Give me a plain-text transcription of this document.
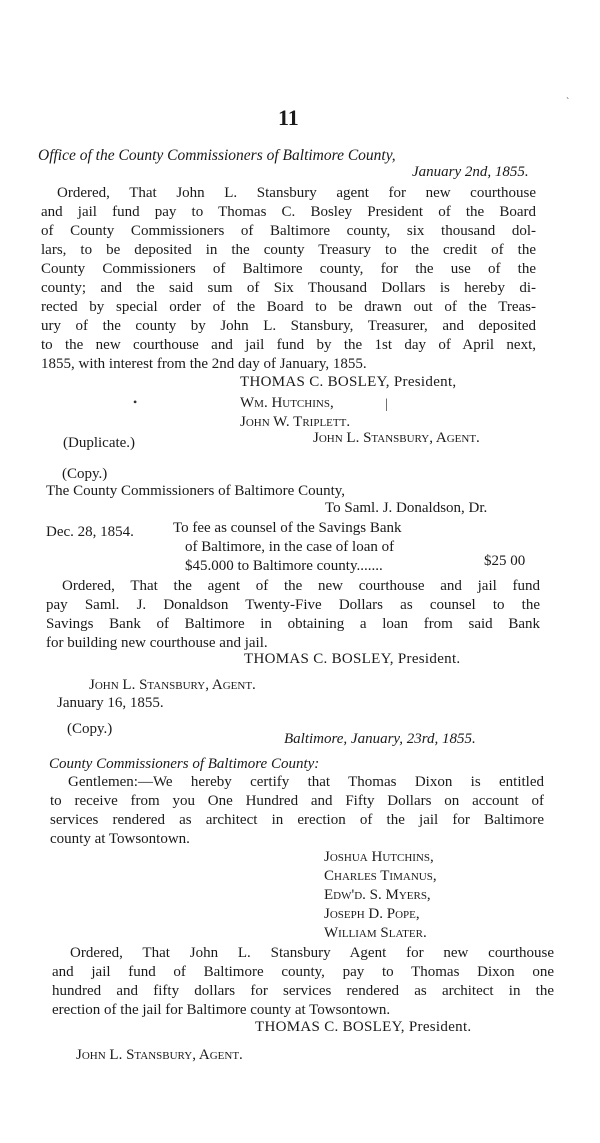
11
Office of the County Commissioners of Baltimore County,
January 2nd, 1855.
Ordered, That John L. Stansbury agent for new courthouse
and jail fund pay to Thomas C. Bosley President of the Board
of County Commissioners of Baltimore county, six thousand dol-
lars, to be deposited in the county Treasury to the credit of the
County Commissioners of Baltimore county, for the use of the
county; and the said sum of Six Thousand Dollars is hereby di-
rected by special order of the Board to be drawn out of the Treas-
ury of the county by John L. Stansbury, Treasurer, and deposited
to the new courthouse and jail fund by the 1st day of April next,
1855, with interest from the 2nd day of January, 1855.
THOMAS C. BOSLEY, President,
•	Wm. Hutchins,
John W. Triplett.
(Duplicate.)	John L. Stansbury, Agent.
(Copy.)
The County Commissioners of Baltimore County,
To Saml. J. Donaldson, Dr.
Dec. 28, 1854.	To fee as counsel of the Savings Bank
of Baltimore, in the case of loan of
$45.000 to Baltimore county.......	$25 00
Ordered, That the agent of the new courthouse and jail fund
pay Saml. J. Donaldson Twenty-Five Dollars as counsel to the
Savings Bank of Baltimore in obtaining a loan from said Bank
for building new courthouse and jail.
THOMAS C. BOSLEY, President.
John L. Stansbury, Agent.
January 16, 1855.
(Copy.)
Baltimore, January, 23rd, 1855.
County Commissioners of Baltimore County:
Gentlemen:—We hereby certify that Thomas Dixon is entitled
to receive from you One Hundred and Fifty Dollars on account of
services rendered as architect in erection of the jail for Baltimore
county at Towsontown.
Joshua Hutchins,
Charles Timanus,
Edw'd. S. Myers,
Joseph D. Pope,
William Slater.
Ordered, That John L. Stansbury Agent for new courthouse
and jail fund of Baltimore county, pay to Thomas Dixon one
hundred and fifty dollars for services rendered as architect in the
erection of the jail for Baltimore county at Towsontown.
THOMAS C. BOSLEY, President.
John L. Stansbury, Agent.
`
|
